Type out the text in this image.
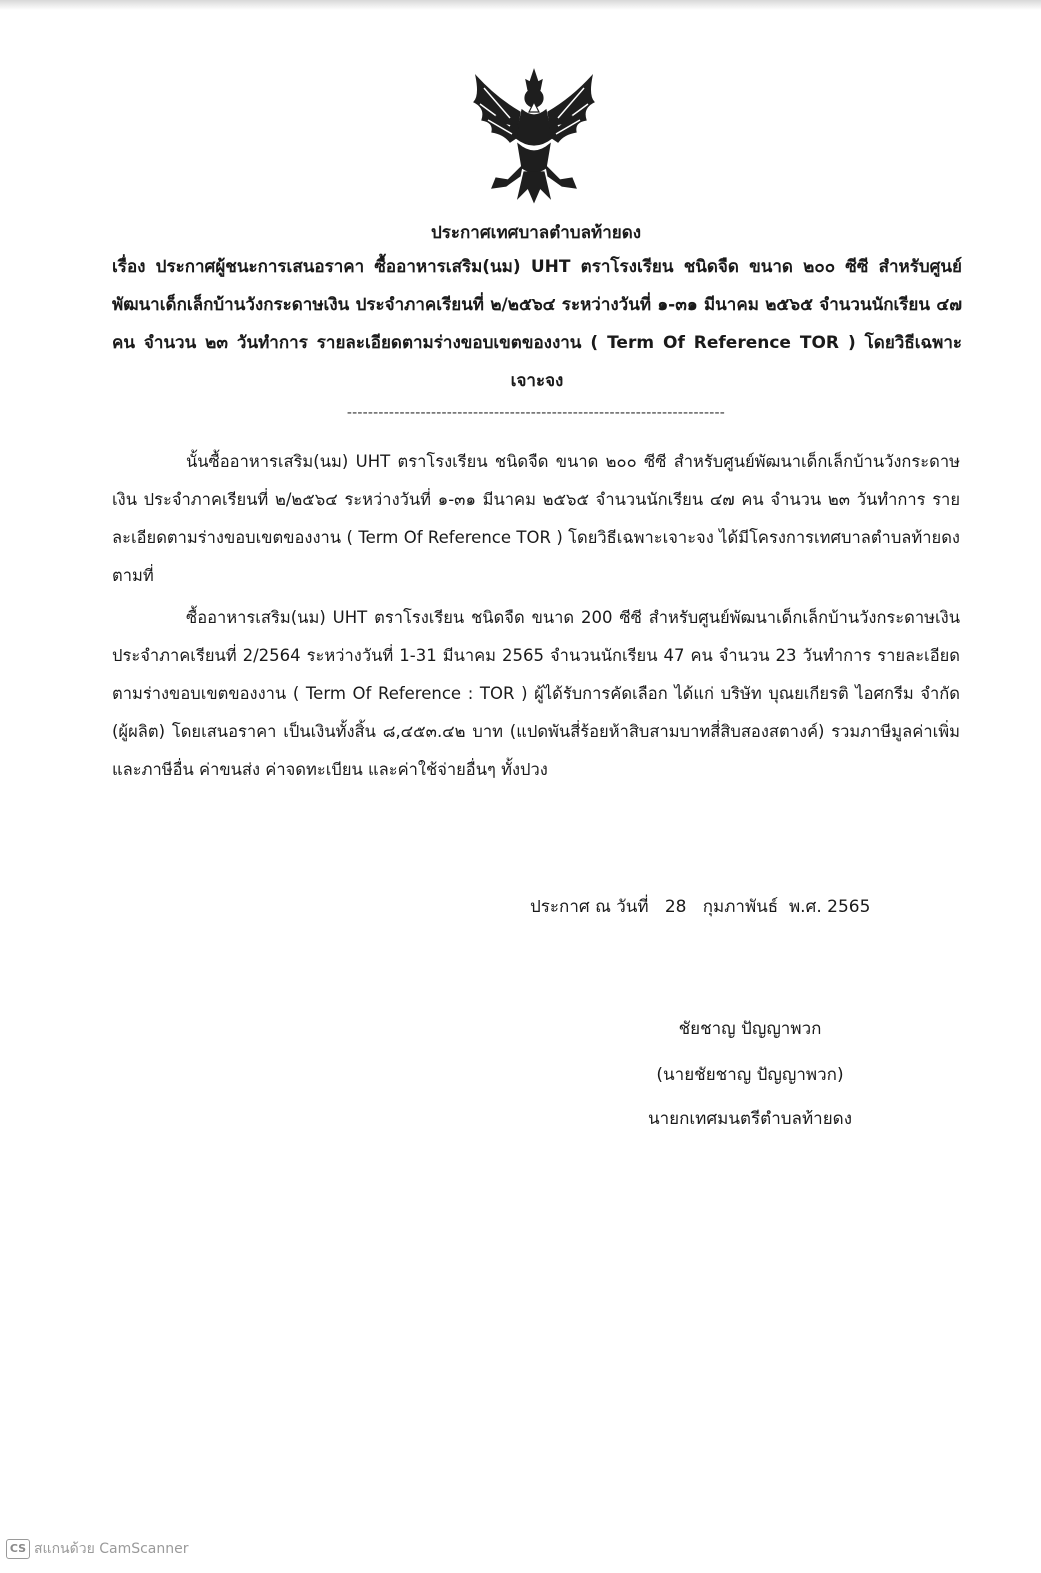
ประกาศเทศบาลตำบลท้ายดง
เรื่อง ประกาศผู้ชนะการเสนอราคา ซื้ออาหารเสริม(นม) UHT ตราโรงเรียน ชนิดจืด ขนาด ๒๐๐ ซีซี สำหรับศูนย์พัฒนาเด็กเล็กบ้านวังกระดาษเงิน ประจำภาคเรียนที่ ๒/๒๕๖๔ ระหว่างวันที่ ๑-๓๑ มีนาคม ๒๕๖๕ จำนวนนักเรียน ๔๗ คน จำนวน ๒๓ วันทำการ รายละเอียดตามร่างขอบเขตของงาน ( Term Of Reference TOR ) โดยวิธีเฉพาะเจาะจง
------------------------------------------------------------------------
นั้นซื้ออาหารเสริม(นม) UHT ตราโรงเรียน ชนิดจืด ขนาด ๒๐๐ ซีซี สำหรับศูนย์พัฒนาเด็กเล็กบ้านวังกระดาษเงิน ประจำภาคเรียนที่ ๒/๒๕๖๔ ระหว่างวันที่ ๑-๓๑ มีนาคม ๒๕๖๕ จำนวนนักเรียน ๔๗ คน จำนวน ๒๓ วันทำการ รายละเอียดตามร่างขอบเขตของงาน ( Term Of Reference TOR ) โดยวิธีเฉพาะเจาะจง ได้มีโครงการเทศบาลตำบลท้ายดงตามที่
ซื้ออาหารเสริม(นม) UHT ตราโรงเรียน ชนิดจืด ขนาด 200 ซีซี สำหรับศูนย์พัฒนาเด็กเล็กบ้านวังกระดาษเงิน ประจำภาคเรียนที่ 2/2564 ระหว่างวันที่ 1-31 มีนาคม 2565 จำนวนนักเรียน 47 คน จำนวน 23 วันทำการ รายละเอียดตามร่างขอบเขตของงาน ( Term Of Reference : TOR ) ผู้ได้รับการคัดเลือก ได้แก่ บริษัท บุณยเกียรติ ไอศกรีม จำกัด (ผู้ผลิต) โดยเสนอราคา เป็นเงินทั้งสิ้น ๘,๔๕๓.๔๒ บาท (แปดพันสี่ร้อยห้าสิบสามบาทสี่สิบสองสตางค์) รวมภาษีมูลค่าเพิ่มและภาษีอื่น ค่าขนส่ง ค่าจดทะเบียน และค่าใช้จ่ายอื่นๆ ทั้งปวง
ประกาศ ณ วันที่   28   กุมภาพันธ์  พ.ศ. 2565
ชัยชาญ ปัญญาพวก
(นายชัยชาญ ปัญญาพวก)
นายกเทศมนตรีตำบลท้ายดง
CS สแกนด้วย CamScanner
